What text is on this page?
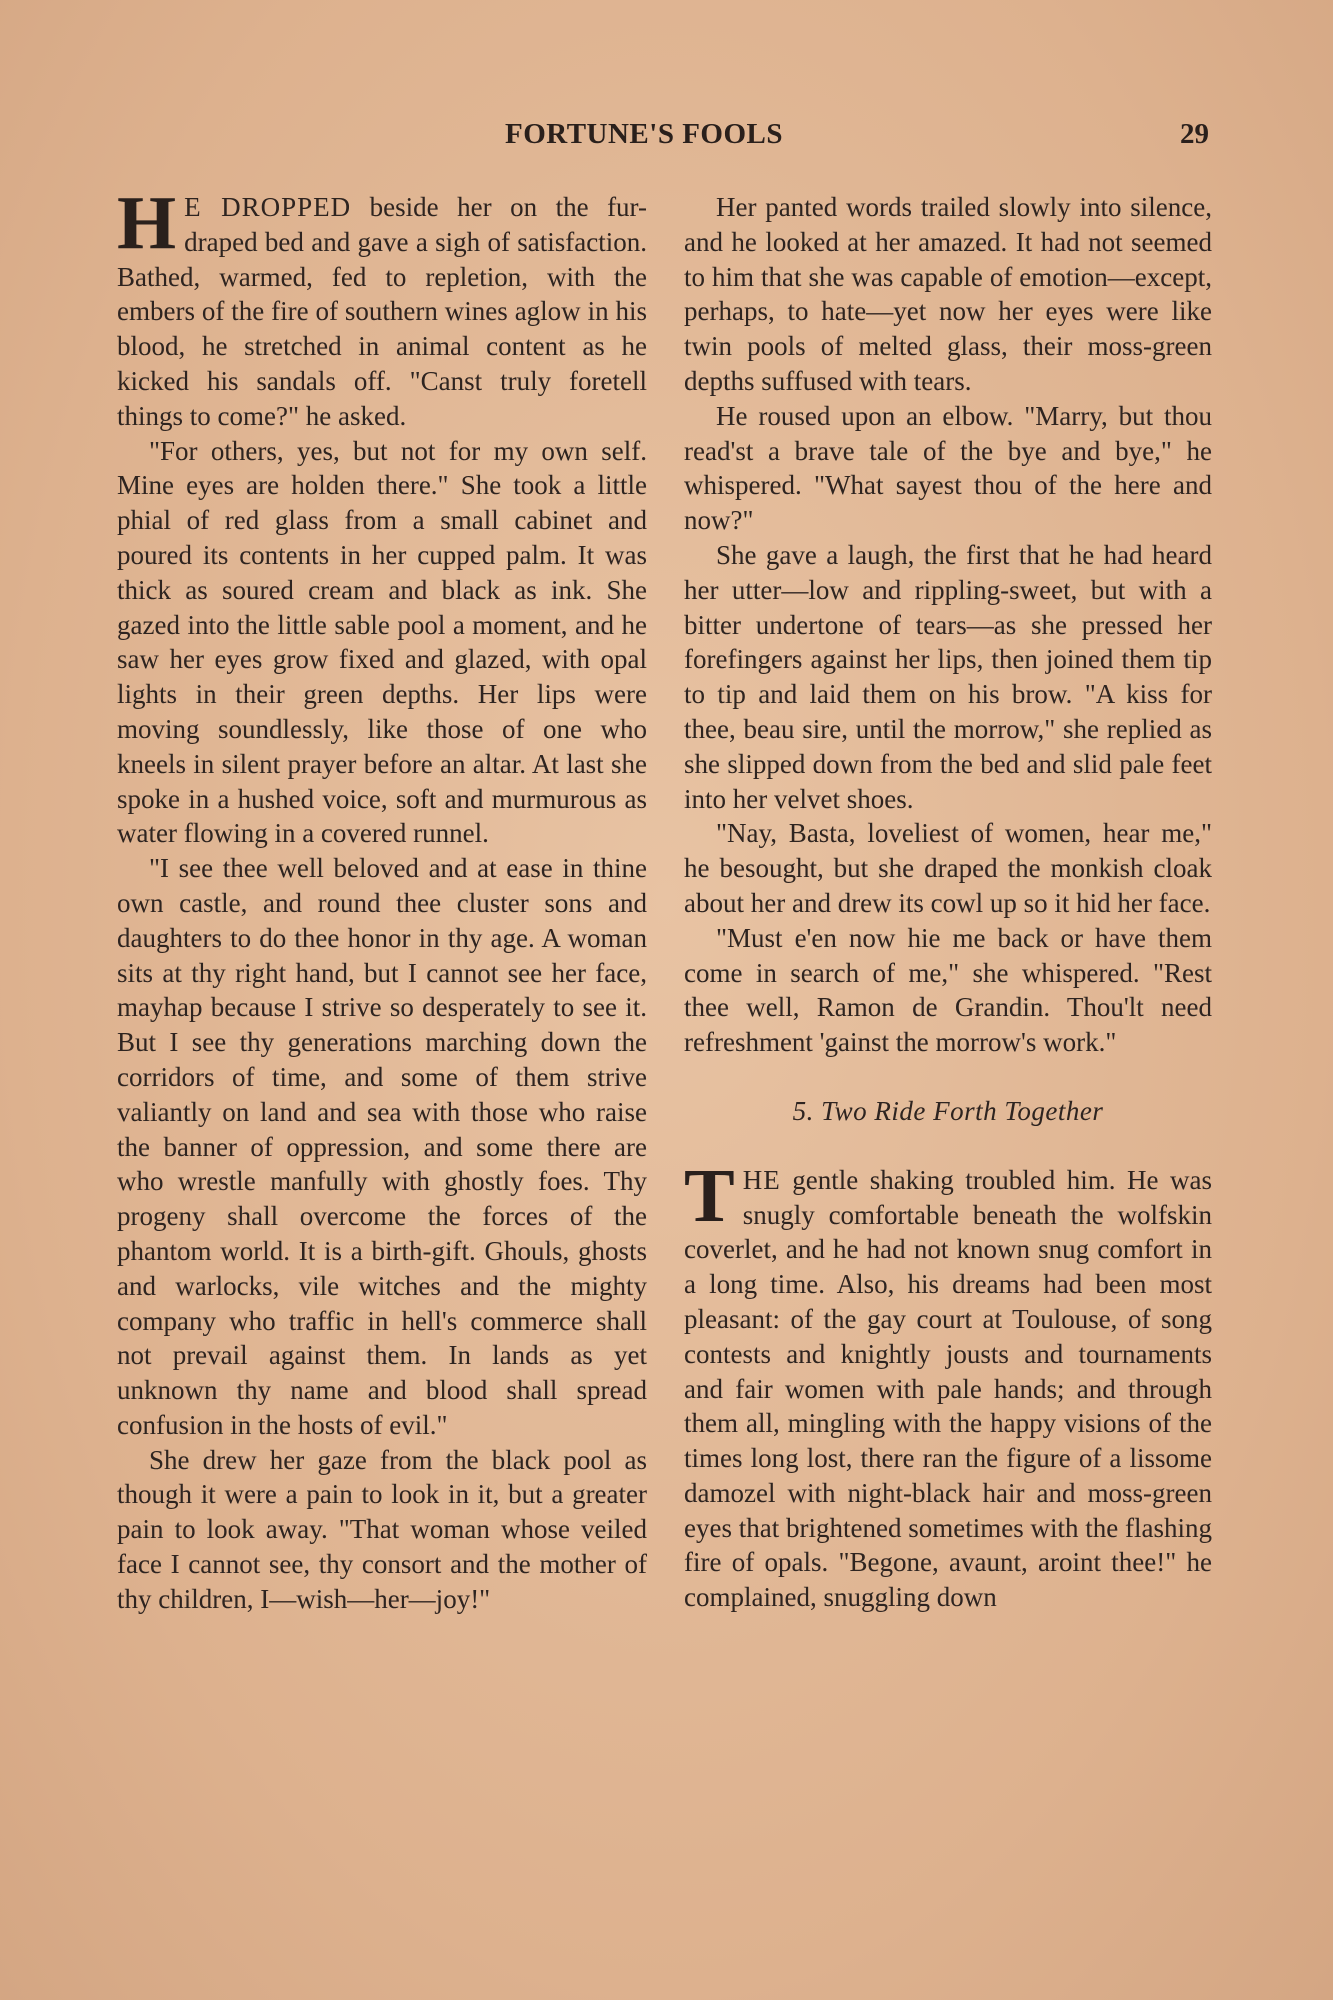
FORTUNE'S FOOLS	29

H E DROPPED beside her on the fur-draped bed and gave a sigh of satisfaction. Bathed, warmed, fed to repletion, with the embers of the fire of southern wines aglow in his blood, he stretched in animal content as he kicked his sandals off. "Canst truly foretell things to come?" he asked.

"For others, yes, but not for my own self. Mine eyes are holden there." She took a little phial of red glass from a small cabinet and poured its contents in her cupped palm. It was thick as soured cream and black as ink. She gazed into the little sable pool a moment, and he saw her eyes grow fixed and glazed, with opal lights in their green depths. Her lips were moving soundlessly, like those of one who kneels in silent prayer before an altar. At last she spoke in a hushed voice, soft and murmurous as water flowing in a covered runnel.

"I see thee well beloved and at ease in thine own castle, and round thee cluster sons and daughters to do thee honor in thy age. A woman sits at thy right hand, but I cannot see her face, mayhap because I strive so desperately to see it. But I see thy generations marching down the corridors of time, and some of them strive valiantly on land and sea with those who raise the banner of oppression, and some there are who wrestle manfully with ghostly foes. Thy progeny shall overcome the forces of the phantom world. It is a birth-gift. Ghouls, ghosts and warlocks, vile witches and the mighty company who traffic in hell's commerce shall not prevail against them. In lands as yet unknown thy name and blood shall spread confusion in the hosts of evil."

She drew her gaze from the black pool as though it were a pain to look in it, but a greater pain to look away. "That woman whose veiled face I cannot see, thy consort and the mother of thy children, I—wish—her—joy!"

Her panted words trailed slowly into silence, and he looked at her amazed. It had not seemed to him that she was capable of emotion—except, perhaps, to hate—yet now her eyes were like twin pools of melted glass, their moss-green depths suffused with tears.

He roused upon an elbow. "Marry, but thou read'st a brave tale of the bye and bye," he whispered. "What sayest thou of the here and now?"

She gave a laugh, the first that he had heard her utter—low and rippling-sweet, but with a bitter undertone of tears—as she pressed her forefingers against her lips, then joined them tip to tip and laid them on his brow. "A kiss for thee, beau sire, until the morrow," she replied as she slipped down from the bed and slid pale feet into her velvet shoes.

"Nay, Basta, loveliest of women, hear me," he besought, but she draped the monkish cloak about her and drew its cowl up so it hid her face.

"Must e'en now hie me back or have them come in search of me," she whispered. "Rest thee well, Ramon de Grandin. Thou'lt need refreshment 'gainst the morrow's work."

5. Two Ride Forth Together

THE gentle shaking troubled him. He was snugly comfortable beneath the wolfskin coverlet, and he had not known snug comfort in a long time. Also, his dreams had been most pleasant: of the gay court at Toulouse, of song contests and knightly jousts and tournaments and fair women with pale hands; and through them all, mingling with the happy visions of the times long lost, there ran the figure of a lissome damozel with night-black hair and moss-green eyes that brightened sometimes with the flashing fire of opals. "Begone, avaunt, aroint thee!" he complained, snuggling down
